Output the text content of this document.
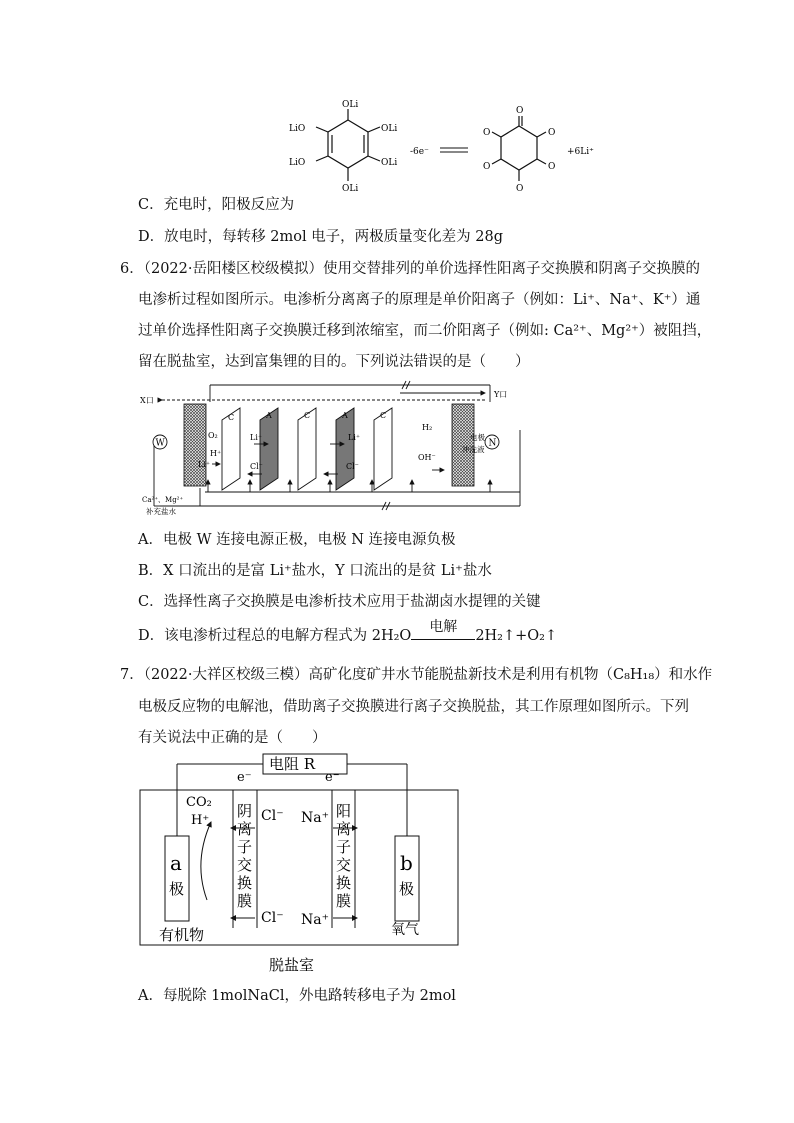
OLi
LiO	OLi
LiO	OLi
OLi
-6e⁻
O
O	O
O	O
O
+6Li⁺
C．充电时，阳极反应为
D．放电时，每转移 2mol 电子，两极质量变化差为 28g
6．（2022·岳阳楼区校级模拟）使用交替排列的单价选择性阳离子交换膜和阴离子交换膜的
电渗析过程如图所示。电渗析分离离子的原理是单价阳离子（例如：Li⁺、Na⁺、K⁺）通
过单价选择性阳离子交换膜迁移到浓缩室，而二价阳离子（例如: Ca²⁺、Mg²⁺）被阻挡，
留在脱盐室，达到富集锂的目的。下列说法错误的是（　　）
W	N
X口
Y口
O₂
H⁺
Li⁺
Li⁺
Cl⁻
Li⁺
Cl⁻
H₂
OH⁻
C	A	C	A	C
电极
冲洗液
Ca²⁺、Mg²⁺
补充盐水
A．电极 W 连接电源正极，电极 N 连接电源负极
B．X 口流出的是富 Li⁺盐水，Y 口流出的是贫 Li⁺盐水
C．选择性离子交换膜是电渗析技术应用于盐湖卤水提锂的关键
D．该电渗析过程总的电解方程式为 2H₂O电解
2H₂↑+O₂↑
7．（2022·大祥区校级三模）高矿化度矿井水节能脱盐新技术是利用有机物（C₈H₁₈）和水作
电极反应物的电解池，借助离子交换膜进行离子交换脱盐，其工作原理如图所示。下列
有关说法中正确的是（　　）
电阻 R
e⁻	e⁻
CO₂
H⁺
a
极
b
极
阴 离 子 交 换 膜
阳 离 子 交 换 膜
Cl⁻
Cl⁻
Na⁺
Na⁺
有机物	氧气
脱盐室
A．每脱除 1molNaCl，外电路转移电子为 2mol
